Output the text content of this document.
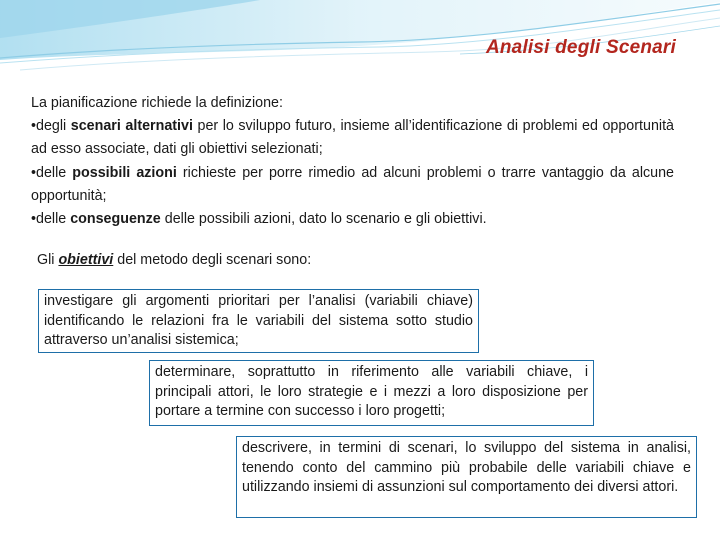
Analisi degli Scenari

La pianificazione richiede la definizione:

•degli scenari alternativi per lo sviluppo futuro, insieme all’identificazione di problemi ed opportunità ad esso associate, dati gli obiettivi selezionati;

•delle possibili azioni richieste per porre rimedio ad alcuni problemi o trarre vantaggio da alcune opportunità;

•delle conseguenze delle possibili azioni, dato lo scenario e gli obiettivi.

Gli obiettivi del metodo degli scenari sono:
investigare gli argomenti prioritari per l’analisi (variabili chiave) identificando le relazioni fra le variabili del sistema sotto studio attraverso un’analisi sistemica;
determinare, soprattutto in riferimento alle variabili chiave, i principali attori, le loro strategie e i mezzi a loro disposizione per portare a termine con successo i loro progetti;
descrivere, in termini di scenari, lo sviluppo del sistema in analisi, tenendo conto del cammino più probabile delle variabili chiave e utilizzando insiemi di assunzioni sul comportamento dei diversi attori.
